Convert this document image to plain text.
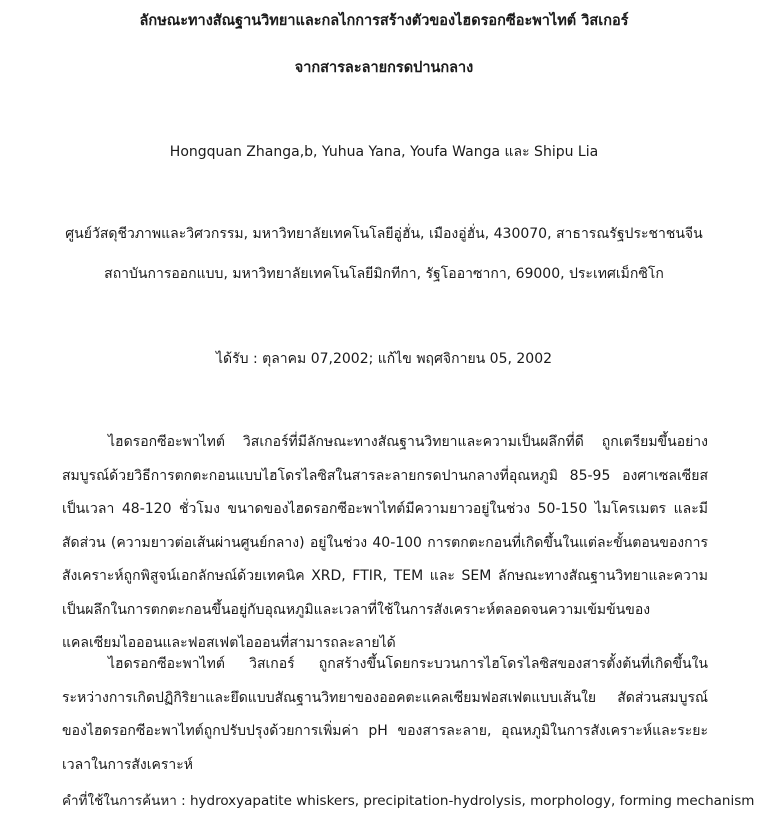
ลักษณะทางสัณฐานวิทยาและกลไกการสร้างตัวของไฮดรอกซีอะพาไทต์ วิสเกอร์
จากสารละลายกรดปานกลาง
Hongquan Zhanga,b, Yuhua Yana, Youfa Wanga และ Shipu Lia
ศูนย์วัสดุชีวภาพและวิศวกรรม, มหาวิทยาลัยเทคโนโลยีอู่ฮั่น, เมืองอู่ฮั่น, 430070, สาธารณรัฐประชาชนจีน
สถาบันการออกแบบ, มหาวิทยาลัยเทคโนโลยีมิกทีกา, รัฐโออาซากา, 69000, ประเทศเม็กซิโก
ได้รับ : ตุลาคม 07,2002; แก้ไข พฤศจิกายน 05, 2002

ไฮดรอกซีอะพาไทต์ วิสเกอร์ที่มีลักษณะทางสัณฐานวิทยาและความเป็นผลึกที่ดี ถูกเตรียมขึ้นอย่างสมบูรณ์ด้วยวิธีการตกตะกอนแบบไฮโดรไลซิสในสารละลายกรดปานกลางที่อุณหภูมิ 85-95 องศาเซลเซียส เป็นเวลา 48-120 ชั่วโมง ขนาดของไฮดรอกซีอะพาไทต์มีความยาวอยู่ในช่วง 50-150 ไมโครเมตร และมีสัดส่วน (ความยาวต่อเส้นผ่านศูนย์กลาง) อยู่ในช่วง 40-100 การตกตะกอนที่เกิดขึ้นในแต่ละขั้นตอนของการสังเคราะห์ถูกพิสูจน์เอกลักษณ์ด้วยเทคนิค XRD, FTIR, TEM และ SEM ลักษณะทางสัณฐานวิทยาและความเป็นผลึกในการตกตะกอนขึ้นอยู่กับอุณหภูมิและเวลาที่ใช้ในการสังเคราะห์ตลอดจนความเข้มข้นของแคลเซียมไอออนและฟอสเฟตไอออนที่สามารถละลายได้

ไฮดรอกซีอะพาไทต์ วิสเกอร์ ถูกสร้างขึ้นโดยกระบวนการไฮโดรไลซิสของสารตั้งต้นที่เกิดขึ้นในระหว่างการเกิดปฏิกิริยาและยึดแบบสัณฐานวิทยาของออคตะแคลเซียมฟอสเฟตแบบเส้นใย สัดส่วนสมบูรณ์ของไฮดรอกซีอะพาไทต์ถูกปรับปรุงด้วยการเพิ่มค่า pH ของสารละลาย, อุณหภูมิในการสังเคราะห์และระยะเวลาในการสังเคราะห์

คำที่ใช้ในการค้นหา : hydroxyapatite whiskers, precipitation-hydrolysis, morphology, forming mechanism
